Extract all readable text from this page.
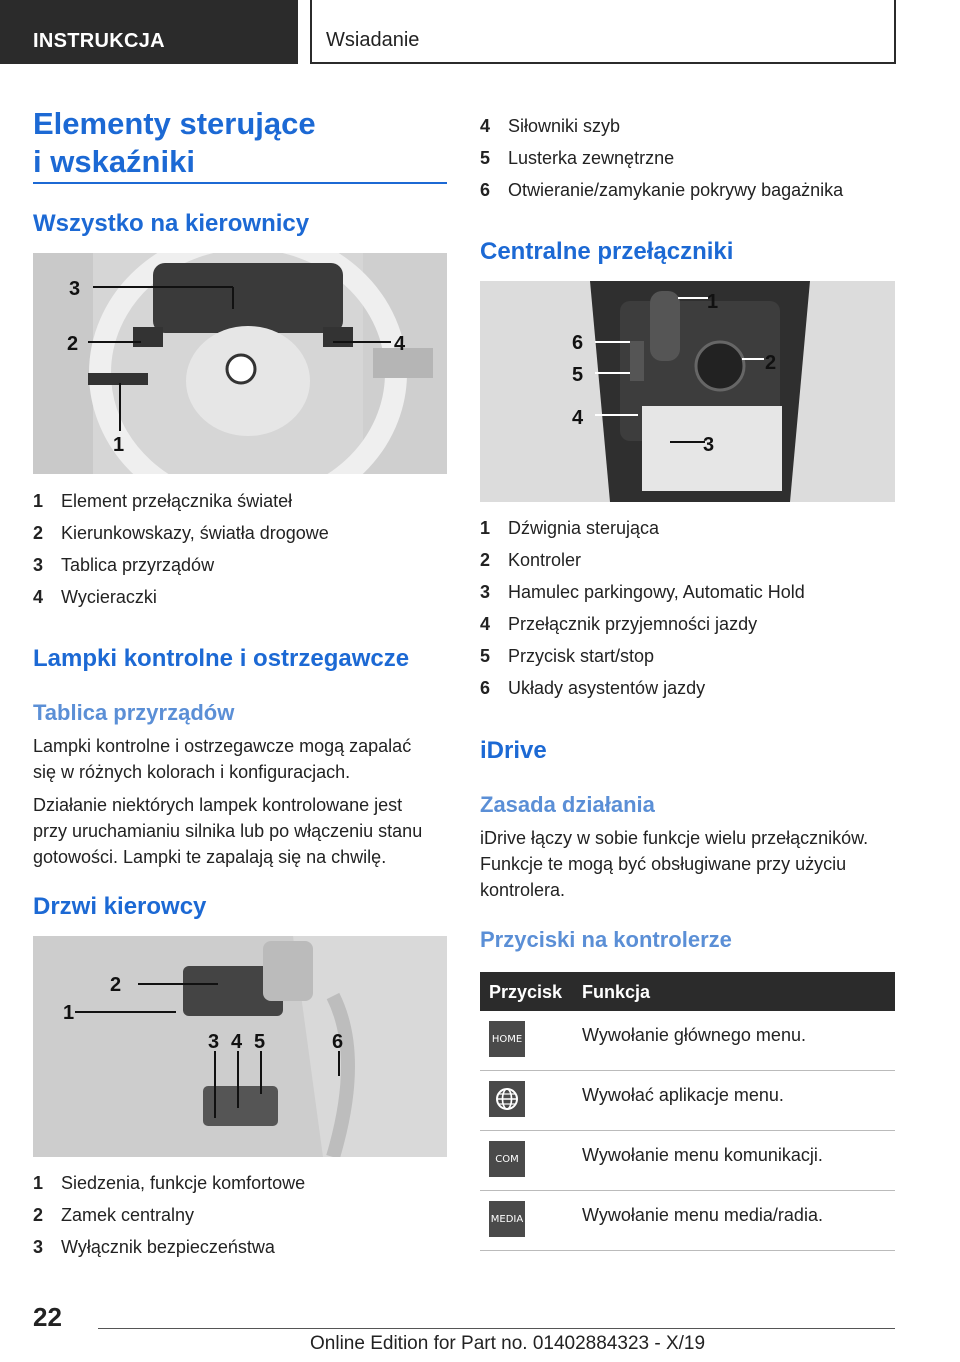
INSTRUKCJA	Wsiadanie
Elementy sterujące
i wskaźniki
Wszystko na kierownicy
3
2	4
1
1 Element przełącznika świateł
2 Kierunkowskazy, światła drogowe
3 Tablica przyrządów
4 Wycieraczki
Lampki kontrolne i ostrzegawcze
Tablica przyrządów
Lampki kontrolne i ostrzegawcze mogą zapalać
się w różnych kolorach i konfiguracjach.
Działanie niektórych lampek kontrolowane jest
przy uruchamianiu silnika lub po włączeniu stanu
gotowości. Lampki te zapalają się na chwilę.
Drzwi kierowcy
2
1
3 4 5	6
1 Siedzenia, funkcje komfortowe
2 Zamek centralny
3 Wyłącznik bezpieczeństwa
4 Siłowniki szyb
5 Lusterka zewnętrzne
6 Otwieranie/zamykanie pokrywy bagażnika
Centralne przełączniki
1
6
2
5
4
3
1 Dźwignia sterująca
2 Kontroler
3 Hamulec parkingowy, Automatic Hold
4 Przełącznik przyjemności jazdy
5 Przycisk start/stop
6 Układy asystentów jazdy
iDrive
Zasada działania
iDrive łączy w sobie funkcje wielu przełączników.
Funkcje te mogą być obsługiwane przy użyciu
kontrolera.
Przyciski na kontrolerze
Przycisk Funkcja
HOME	Wywołanie głównego menu.
Wywołać aplikacje menu.
COM	Wywołanie menu komunikacji.
MEDIA	Wywołanie menu media/radia.
22
Online Edition for Part no. 01402884323 - X/19
